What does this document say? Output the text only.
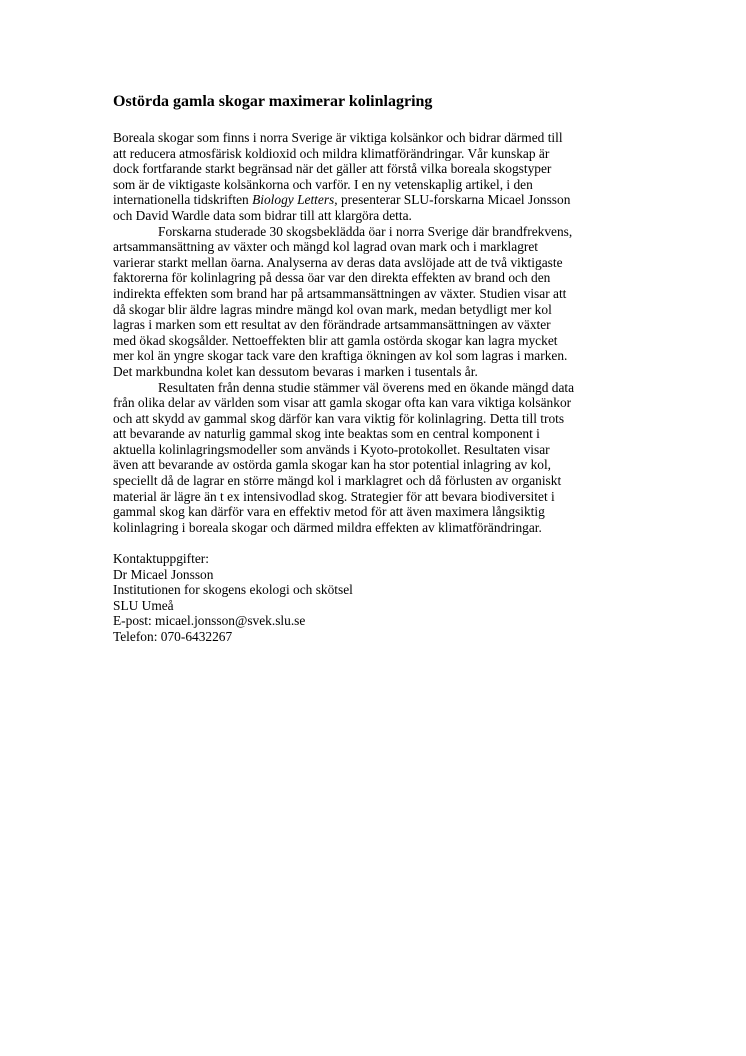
Ostörda gamla skogar maximerar kolinlagring
Boreala skogar som finns i norra Sverige är viktiga kolsänkor och bidrar därmed till
att reducera atmosfärisk koldioxid och mildra klimatförändringar. Vår kunskap är
dock fortfarande starkt begränsad när det gäller att förstå vilka boreala skogstyper
som är de viktigaste kolsänkorna och varför. I en ny vetenskaplig artikel, i den
internationella tidskriften Biology Letters, presenterar SLU-forskarna Micael Jonsson
och David Wardle data som bidrar till att klargöra detta.
Forskarna studerade 30 skogsbeklädda öar i norra Sverige där brandfrekvens,
artsammansättning av växter och mängd kol lagrad ovan mark och i marklagret
varierar starkt mellan öarna. Analyserna av deras data avslöjade att de två viktigaste
faktorerna för kolinlagring på dessa öar var den direkta effekten av brand och den
indirekta effekten som brand har på artsammansättningen av växter. Studien visar att
då skogar blir äldre lagras mindre mängd kol ovan mark, medan betydligt mer kol
lagras i marken som ett resultat av den förändrade artsammansättningen av växter
med ökad skogsålder. Nettoeffekten blir att gamla ostörda skogar kan lagra mycket
mer kol än yngre skogar tack vare den kraftiga ökningen av kol som lagras i marken.
Det markbundna kolet kan dessutom bevaras i marken i tusentals år.
Resultaten från denna studie stämmer väl överens med en ökande mängd data
från olika delar av världen som visar att gamla skogar ofta kan vara viktiga kolsänkor
och att skydd av gammal skog därför kan vara viktig för kolinlagring. Detta till trots
att bevarande av naturlig gammal skog inte beaktas som en central komponent i
aktuella kolinlagringsmodeller som används i Kyoto-protokollet. Resultaten visar
även att bevarande av ostörda gamla skogar kan ha stor potential inlagring av kol,
speciellt då de lagrar en större mängd kol i marklagret och då förlusten av organiskt
material är lägre än t ex intensivodlad skog. Strategier för att bevara biodiversitet i
gammal skog kan därför vara en effektiv metod för att även maximera långsiktig
kolinlagring i boreala skogar och därmed mildra effekten av klimatförändringar.
Kontaktuppgifter:
Dr Micael Jonsson
Institutionen for skogens ekologi och skötsel
SLU Umeå
E-post: micael.jonsson@svek.slu.se
Telefon: 070-6432267
